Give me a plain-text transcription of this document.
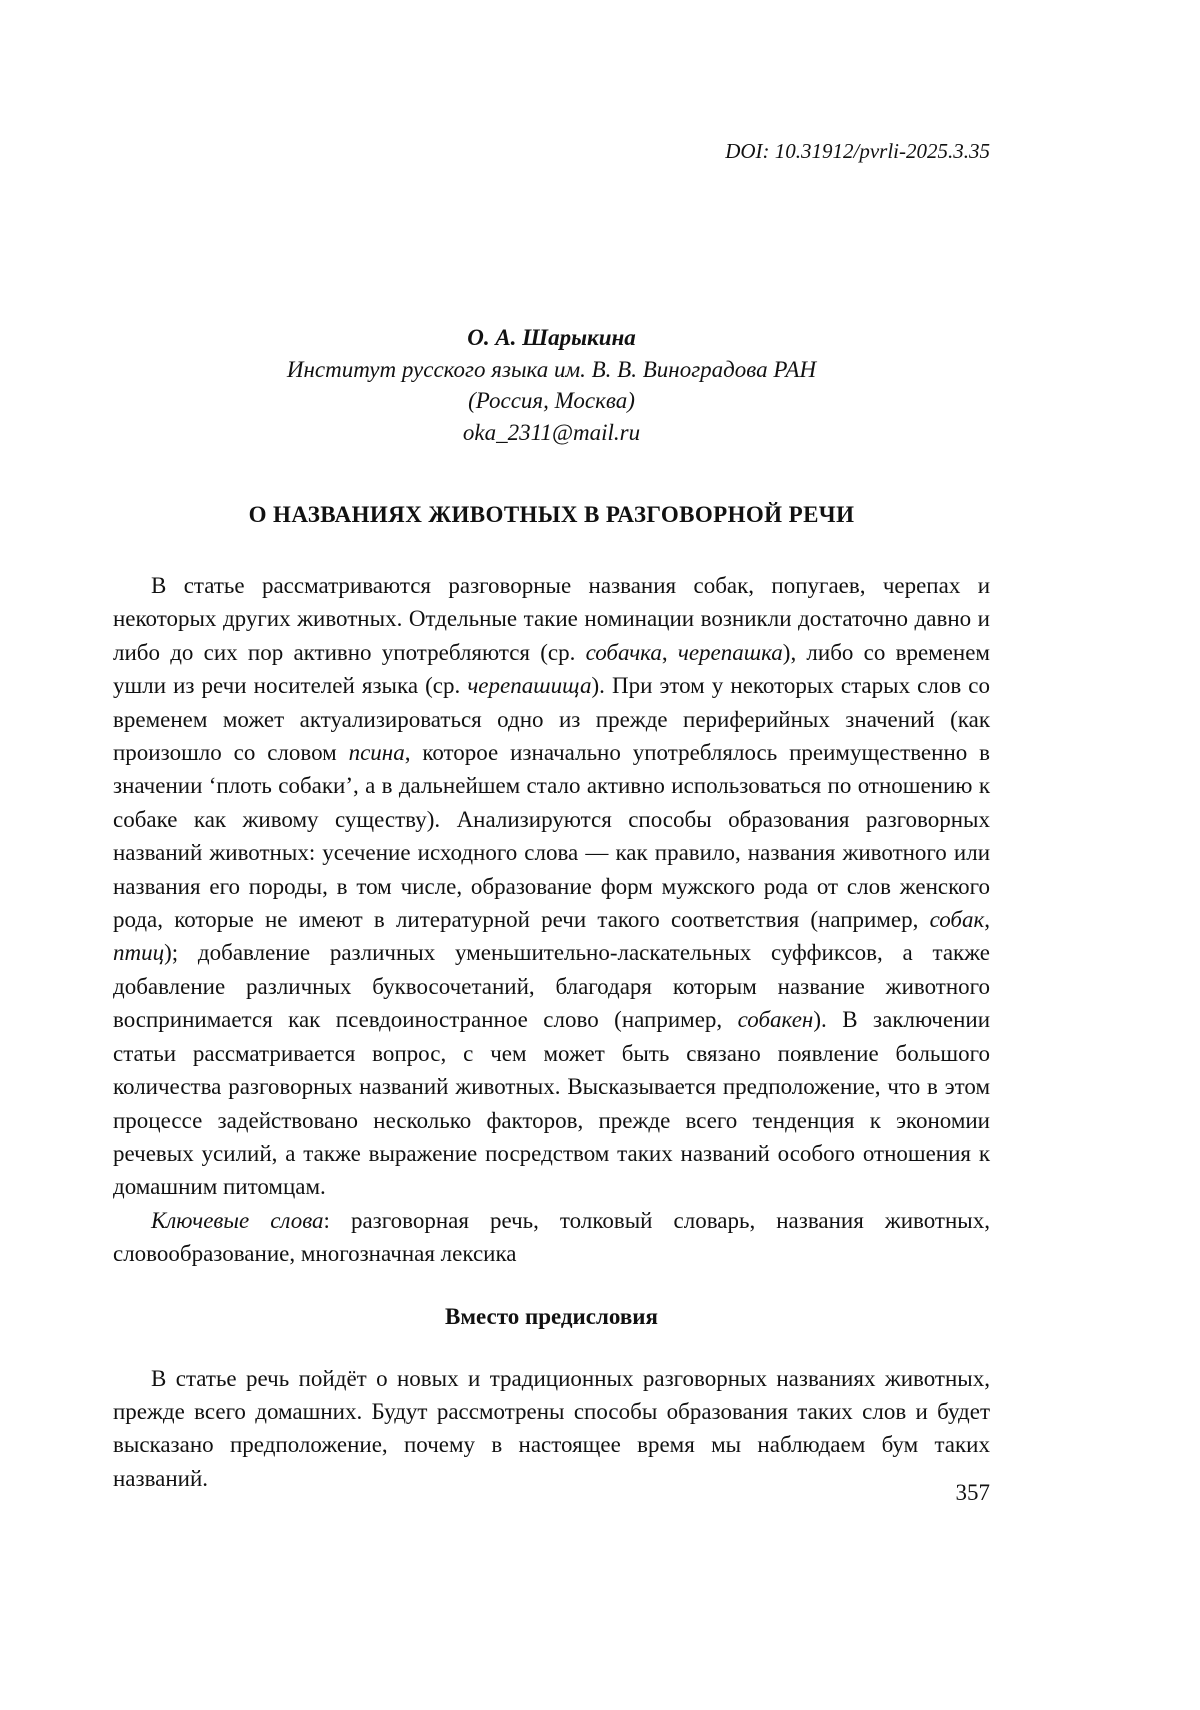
DOI: 10.31912/pvrli-2025.3.35
О. А. Шарыкина
Институт русского языка им. В. В. Виноградова РАН
(Россия, Москва)
oka_2311@mail.ru
О НАЗВАНИЯХ ЖИВОТНЫХ В РАЗГОВОРНОЙ РЕЧИ

В статье рассматриваются разговорные названия собак, попугаев, черепах и некоторых других животных. Отдельные такие номинации возникли достаточно давно и либо до сих пор активно употребляются (ср. собачка, черепашка), либо со временем ушли из речи носителей языка (ср. черепашища). При этом у некоторых старых слов со временем может актуализироваться одно из прежде периферийных значений (как произошло со словом псина, которое изначально употреблялось преимущественно в значении ‘плоть собаки’, а в дальнейшем стало активно использоваться по отношению к собаке как живому существу). Анализируются способы образования разговорных названий животных: усечение исходного слова — как правило, названия животного или названия его породы, в том числе, образование форм мужского рода от слов женского рода, которые не имеют в литературной речи такого соответствия (например, собак, птиц); добавление различных уменьшительно-ласкательных суффиксов, а также добавление различных буквосочетаний, благодаря которым название животного воспринимается как псевдоиностранное слово (например, собакен). В заключении статьи рассматривается вопрос, с чем может быть связано появление большого количества разговорных названий животных. Высказывается предположение, что в этом процессе задействовано несколько факторов, прежде всего тенденция к экономии речевых усилий, а также выражение посредством таких названий особого отношения к домашним питомцам.

Ключевые слова: разговорная речь, толковый словарь, названия животных, словообразование, многозначная лексика

Вместо предисловия

В статье речь пойдёт о новых и традиционных разговорных названиях животных, прежде всего домашних. Будут рассмотрены способы образования таких слов и будет высказано предположение, почему в настоящее время мы наблюдаем бум таких названий.

357
